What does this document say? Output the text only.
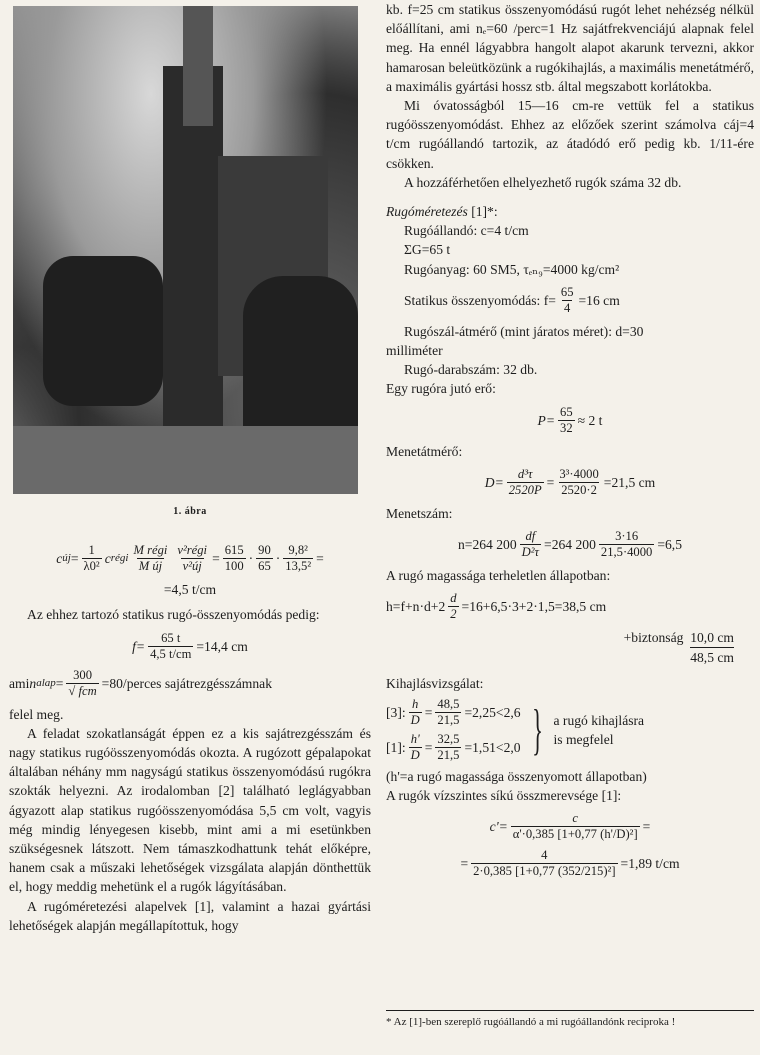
1. ábra
c új = $\frac{1}{\text{λ0²}}$ c régi $\frac{\text{M régi}}{\text{M új}} \frac{\text{v²régi}}{\text{v²új}} = \frac{615}{100} \cdot \frac{90}{65} \cdot \frac{\text{9,8²}}{\text{13,5²}}$ =
=4,5 t/cm

Az ehhez tartozó statikus rugó-összenyomódás pedig:

$f= \frac{65 t}{4,5 t/cm} =14,4$ cm
ami n alap = $\frac{300}{\text{√ fcm}}$ =80/perces sajátrezgésszámnak

felel meg.

A feladat szokatlanságát éppen ez a kis sajátrezgésszám és nagy statikus rugóösszenyomódás okozta. A rugózott gépalapokat általában néhány mm nagyságú statikus összenyomódású rugókra szokták helyezni. Az irodalomban [2] található leglágyabban ágyazott alap statikus rugóösszenyomódása 5,5 cm volt, vagyis még mindig lényegesen kisebb, mint ami a mi esetünkben szükségesnek látszott. Nem támaszkodhattunk tehát előképre, hanem csak a műszaki lehetőségek vizsgálata alapján dönthettük el, hogy meddig mehetünk el a rugók lágyításában.

A rugóméretezési alapelvek [1], valamint a hazai gyártási lehetőségek alapján megállapítottuk, hogy

kb. f=25 cm statikus összenyomódású rugót lehet nehézség nélkül előállítani, ami nₑ=60 /perc=1 Hz sajátfrekvenciájú alapnak felel meg. Ha ennél lágyabbra hangolt alapot akarunk tervezni, akkor hamarosan beleütközünk a rugókihajlás, a maximális menetátmérő, a maximális gyártási hossz stb. által megszabott korlátokba.

Mi óvatosságból 15—16 cm-re vettük fel a statikus rugóösszenyomódást. Ehhez az előzőek szerint számolva cáj=4 t/cm rugóállandó tartozik, az átadódó erő pedig kb. 1/11-ére csökken.

A hozzáférhetően elhelyezhető rugók száma 32 db.

Rugóméretezés [1]*:

Rugóállandó: c=4 t/cm

ΣG=65 t

Rugóanyag: 60 SM5, τₑₙ₉=4000 kg/cm²

Statikus összenyomódás: $f= \frac{65}{4} =16$ cm

Rugószál-átmérő (mint járatos méret): d=30

milliméter

Rugó-darabszám: 32 db.

Egy rugóra jutó erő:

$P= \frac{65}{32} \approx 2$ t

Menetátmérő:

$D= \frac{\text{d³τ}}{2520P} = \frac{\text{3³·4000}}{2520\cdot 2} =21,5$ cm

Menetszám:

n=264 $200 \frac{df}{\text{D²τ}} =264$ $200 \frac{3\cdot 16}{21,5\cdot 4000} =6,5$

A rugó magassága terheletlen állapotban:

$h=f+n\cdot d+2 \frac{d}{2} =16+6,5\cdot 3+2\cdot 1,5=38,5$ cm
+biztonság 10,0 cm
48,5 cm

Kihajlásvizsgálat:

[3]: $\frac{h}{D} = \frac{48,5}{21,5} =2,25<2,6$
[1]: $\frac{h'}{D} = \frac{32,5}{21,5} =1,51<2,0$ } a rugó kihajlásra is megfelel

(h'=a rugó magassága összenyomott állapotban)

A rugók vízszintes síkú összmerevsége [1]:

$c'= \frac{c}{\text{α'·0,385 [1+0,77 (h'/D)²]}}$ =
= $\frac{4}{\text{2·0,385 [1+0,77 (352/215)²]}} =1,89$ t/cm
* Az [1]-ben szereplő rugóállandó a mi rugóállandónk reciproka !
